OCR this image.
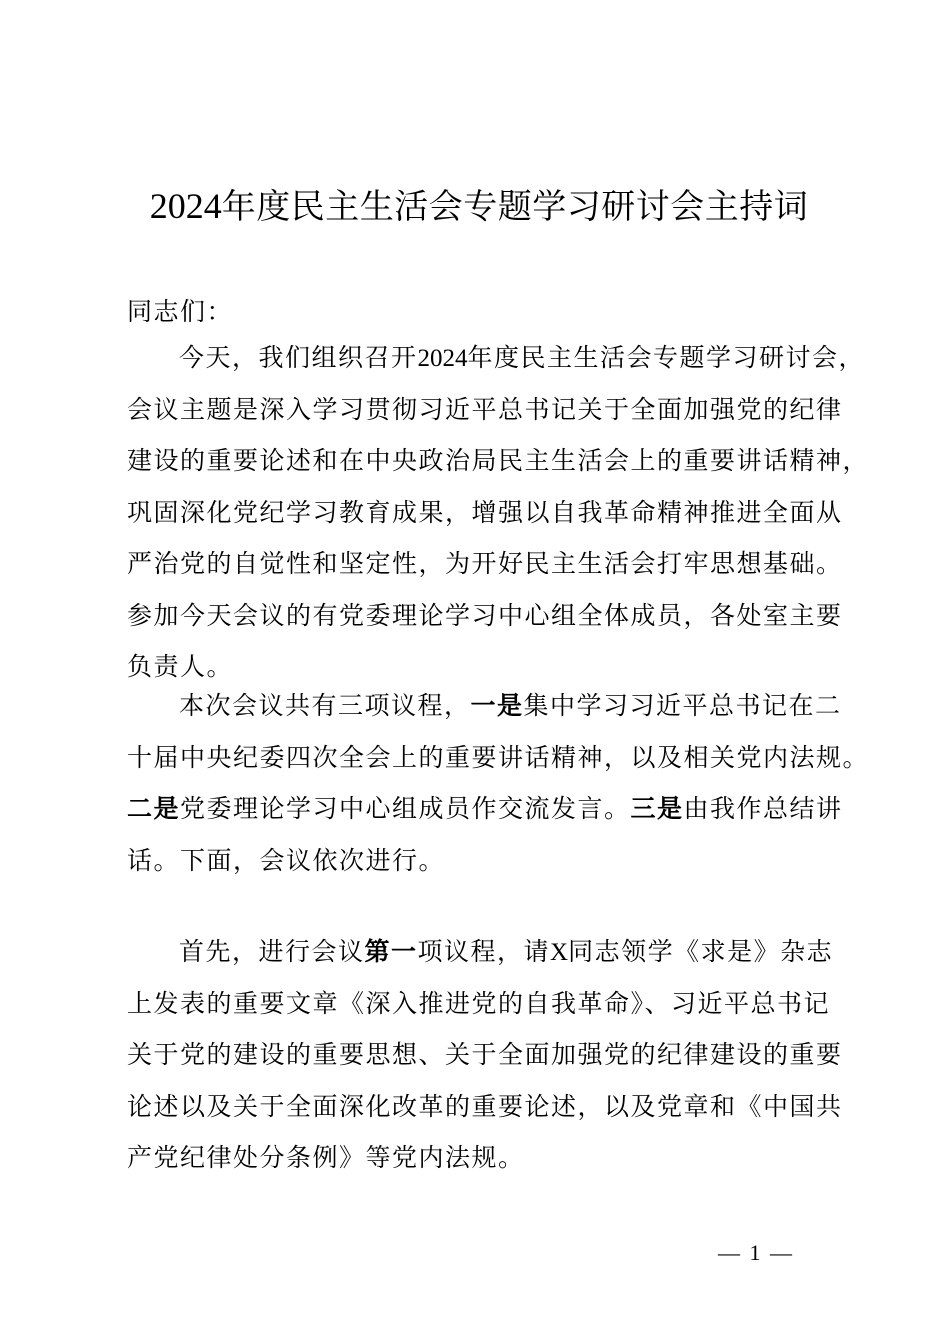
2024年度民主生活会专题学习研讨会主持词
同志们：
今天，我们组织召开2024年度民主生活会专题学习研讨会，
会议主题是深入学习贯彻习近平总书记关于全面加强党的纪律
建设的重要论述和在中央政治局民主生活会上的重要讲话精神，
巩固深化党纪学习教育成果，增强以自我革命精神推进全面从
严治党的自觉性和坚定性，为开好民主生活会打牢思想基础。
参加今天会议的有党委理论学习中心组全体成员，各处室主要
负责人。
本次会议共有三项议程，一是集中学习习近平总书记在二
十届中央纪委四次全会上的重要讲话精神，以及相关党内法规。
二是党委理论学习中心组成员作交流发言。三是由我作总结讲
话。下面，会议依次进行。
首先，进行会议第一项议程，请X同志领学《求是》杂志
上发表的重要文章《深入推进党的自我革命》、习近平总书记
关于党的建设的重要思想、关于全面加强党的纪律建设的重要
论述以及关于全面深化改革的重要论述，以及党章和《中国共
产党纪律处分条例》等党内法规。
— 1 —
